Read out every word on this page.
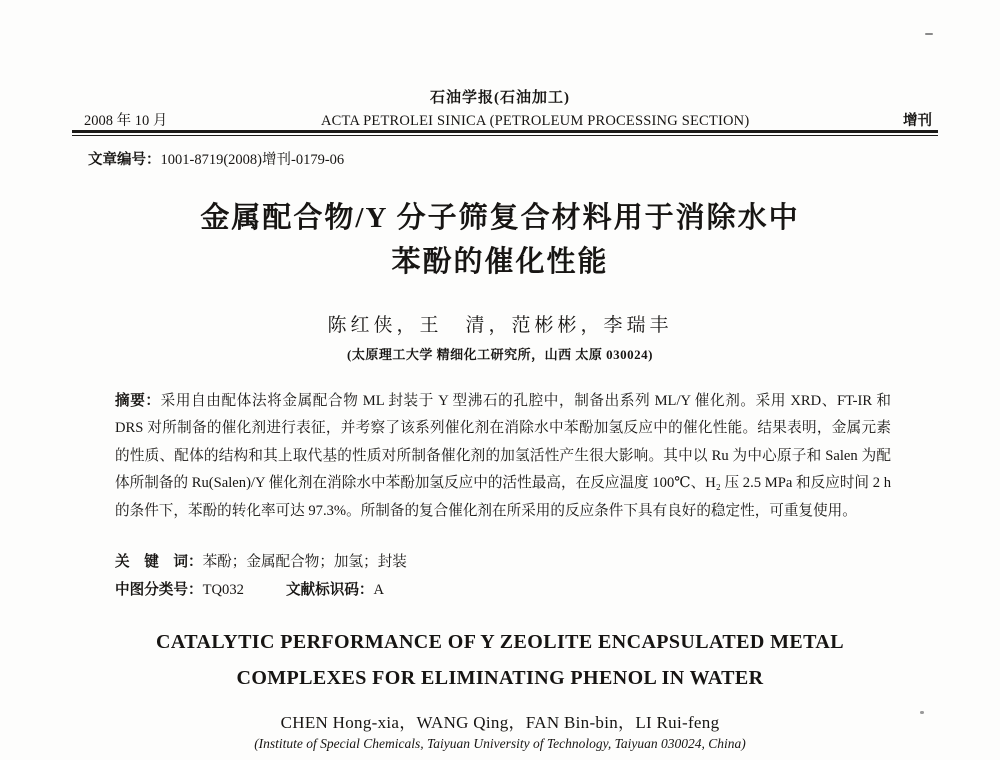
石油学报(石油加工)
2008 年 10 月	ACTA PETROLEI SINICA (PETROLEUM PROCESSING SECTION)	增刊
文章编号：1001-8719(2008)增刊-0179-06
金属配合物/Y 分子筛复合材料用于消除水中
苯酚的催化性能
陈红侠，王　清，范彬彬，李瑞丰
(太原理工大学 精细化工研究所，山西 太原 030024)

摘要：采用自由配体法将金属配合物 ML 封装于 Y 型沸石的孔腔中，制备出系列 ML/Y 催化剂。采用 XRD、FT-IR 和 DRS 对所制备的催化剂进行表征，并考察了该系列催化剂在消除水中苯酚加氢反应中的催化性能。结果表明，金属元素的性质、配体的结构和其上取代基的性质对所制备催化剂的加氢活性产生很大影响。其中以 Ru 为中心原子和 Salen 为配体所制备的 Ru(Salen)/Y 催化剂在消除水中苯酚加氢反应中的活性最高，在反应温度 100℃、H₂ 压 2.5 MPa 和反应时间 2 h 的条件下，苯酚的转化率可达 97.3%。所制备的复合催化剂在所采用的反应条件下具有良好的稳定性，可重复使用。

关　键　词：苯酚；金属配合物；加氢；封装
中图分类号：TQ032	文献标识码：A
CATALYTIC PERFORMANCE OF Y ZEOLITE ENCAPSULATED METAL
COMPLEXES FOR ELIMINATING PHENOL IN WATER
CHEN Hong-xia，WANG Qing，FAN Bin-bin，LI Rui-feng
(Institute of Special Chemicals, Taiyuan University of Technology, Taiyuan 030024, China)
